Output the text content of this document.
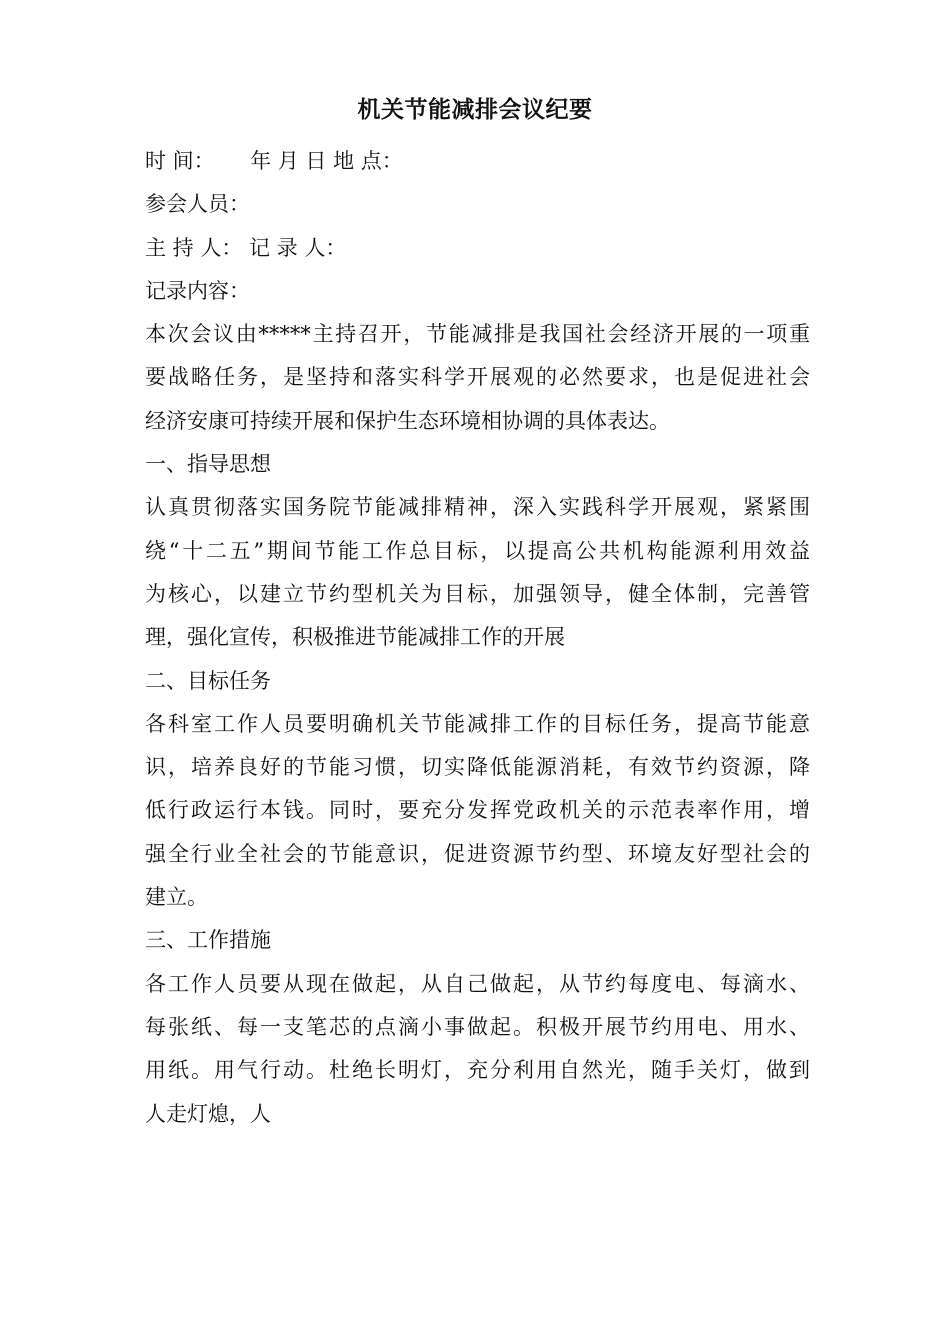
机关节能减排会议纪要
时 间： 年 月 日 地 点：
参会人员：
主 持 人： 记 录 人：
记录内容：
本次会议由*****主持召开，节能减排是我国社会经济开展的一项重
要战略任务，是坚持和落实科学开展观的必然要求，也是促进社会
经济安康可持续开展和保护生态环境相协调的具体表达。
一、指导思想
认真贯彻落实国务院节能减排精神，深入实践科学开展观，紧紧围
绕“十二五”期间节能工作总目标，以提高公共机构能源利用效益
为核心，以建立节约型机关为目标，加强领导，健全体制，完善管
理，强化宣传，积极推进节能减排工作的开展
二、目标任务
各科室工作人员要明确机关节能减排工作的目标任务，提高节能意
识，培养良好的节能习惯，切实降低能源消耗，有效节约资源，降
低行政运行本钱。同时，要充分发挥党政机关的示范表率作用，增
强全行业全社会的节能意识，促进资源节约型、环境友好型社会的
建立。
三、工作措施
各工作人员要从现在做起，从自己做起，从节约每度电、每滴水、
每张纸、每一支笔芯的点滴小事做起。积极开展节约用电、用水、
用纸。用气行动。杜绝长明灯，充分利用自然光，随手关灯，做到
人走灯熄，人
